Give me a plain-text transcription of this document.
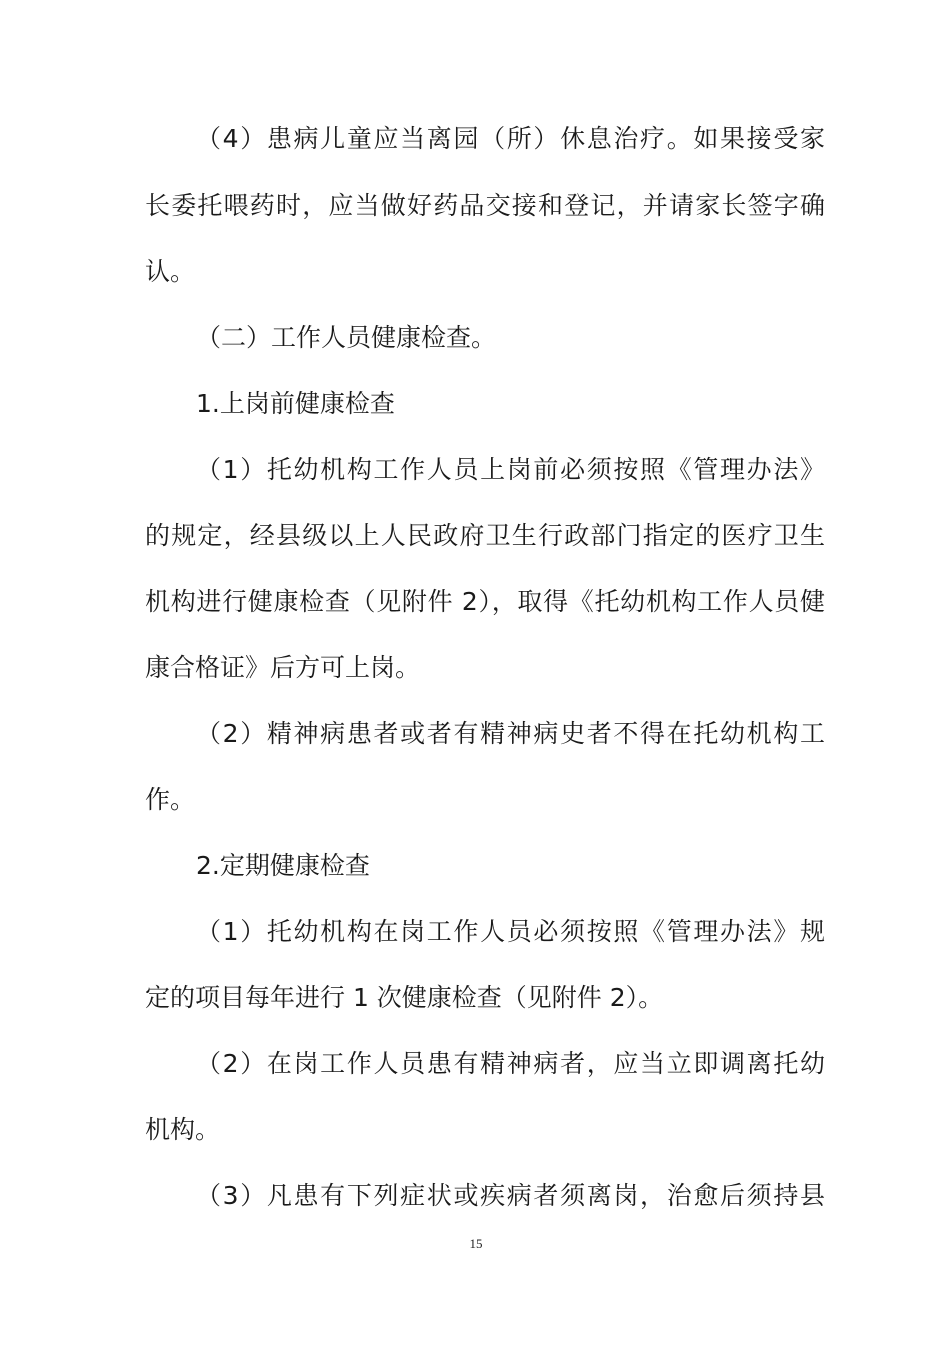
（4）患病儿童应当离园（所）休息治疗。如果接受家
长委托喂药时，应当做好药品交接和登记，并请家长签字确
认。
（二）工作人员健康检查。
1.上岗前健康检查
（1）托幼机构工作人员上岗前必须按照《管理办法》
的规定，经县级以上人民政府卫生行政部门指定的医疗卫生
机构进行健康检查（见附件 2），取得《托幼机构工作人员健
康合格证》后方可上岗。
（2）精神病患者或者有精神病史者不得在托幼机构工
作。
2.定期健康检查
（1）托幼机构在岗工作人员必须按照《管理办法》规
定的项目每年进行 1 次健康检查（见附件 2）。
（2）在岗工作人员患有精神病者，应当立即调离托幼
机构。
（3）凡患有下列症状或疾病者须离岗，治愈后须持县
15
